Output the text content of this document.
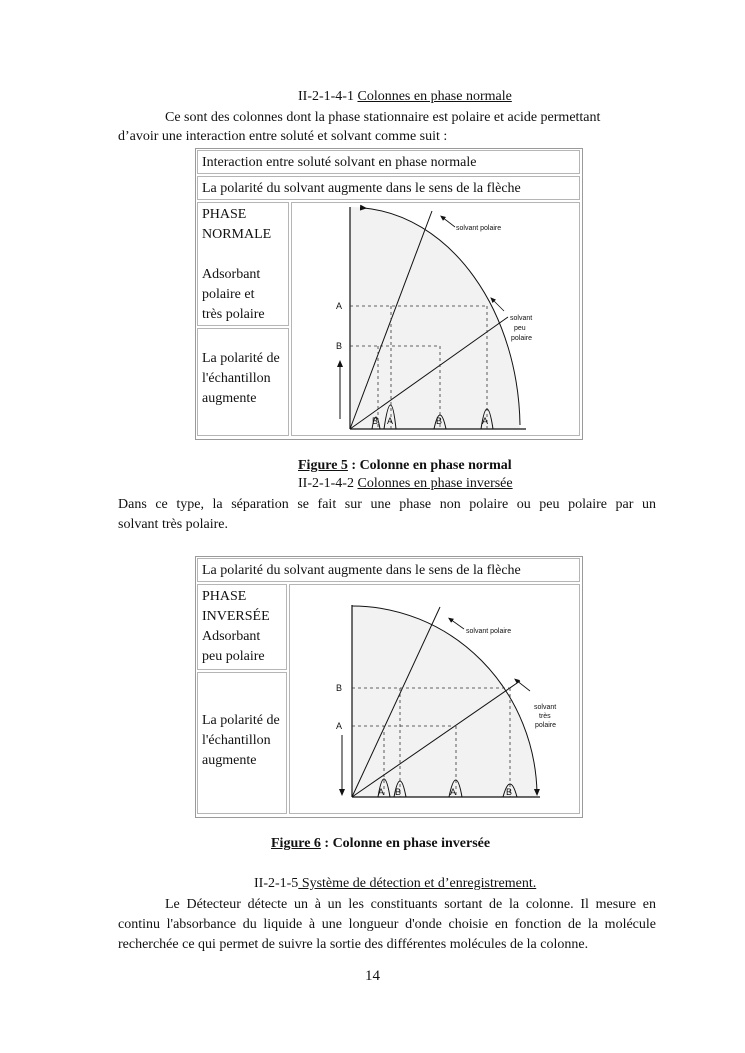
II-2-1-4-1 Colonnes en phase normale
Ce sont des colonnes dont la phase stationnaire est polaire et acide permettant
d’avoir une interaction entre soluté et solvant comme suit :
Interaction entre soluté solvant en phase normale
La polarité du solvant augmente dans le sens de la flèche
PHASE
NORMALE
Adsorbant
polaire et
très polaire
La polarité de
l'échantillon
augmente
A
B
B A	B	A
solvant polaire
solvant
peu
polaire
Figure 5 : Colonne en phase normal
II-2-1-4-2 Colonnes en phase inversée
Dans ce type, la séparation se fait sur une phase non polaire ou peu polaire par un
solvant très polaire.
La polarité du solvant augmente dans le sens de la flèche
PHASE
INVERSÉE
Adsorbant
peu polaire
La polarité de
l'échantillon
augmente
B
A
A B	A	B
solvant polaire
solvant
très
polaire
Figure 6 : Colonne en phase inversée
II-2-1-5 Système de détection et d’enregistrement.
Le Détecteur détecte un à un les constituants sortant de la colonne. Il mesure en
continu l'absorbance du liquide à une longueur d'onde choisie en fonction de la molécule
recherchée ce qui permet de suivre la sortie des différentes molécules de la colonne.
14
